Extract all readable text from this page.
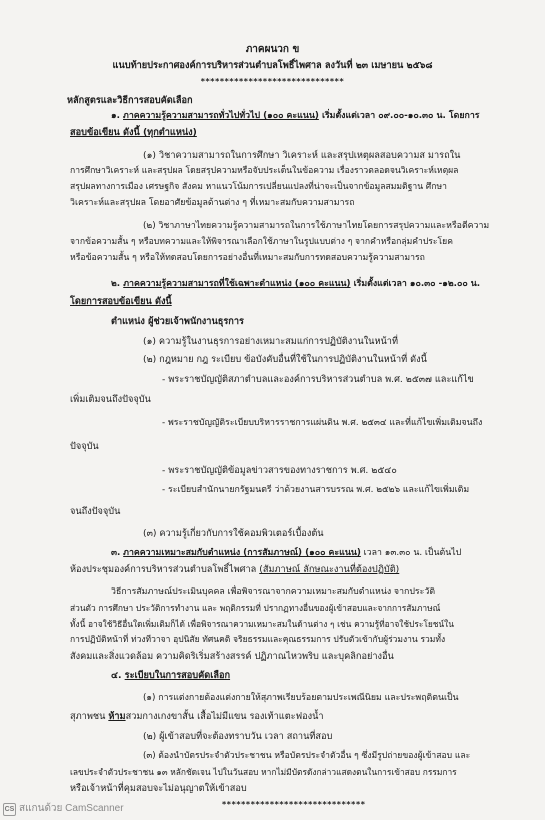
ภาคผนวก ข
แนบท้ายประกาศองค์การบริหารส่วนตำบลโพธิ์ไพศาล ลงวันที่ ๒๓ เมษายน ๒๕๖๘
******************************
หลักสูตรและวิธีการสอบคัดเลือก
๑. ภาคความรู้ความสามารถทั่วไปทั่วไป (๑๐๐ คะแนน) เริ่มตั้งแต่เวลา ๐๙.๐๐-๑๐.๓๐ น. โดยการ
สอบข้อเขียน ดังนี้ (ทุกตำแหน่ง)
(๑) วิชาความสามารถในการศึกษา วิเคราะห์ และสรุปเหตุผลสอบความส มารถใน
การศึกษาวิเคราะห์ และสรุปผล โดยสรุปความหรือจับประเด็นในข้อความ เรื่องราวตลอดจนวิเคราะห์เหตุผล
สรุปผลทางการเมือง เศรษฐกิจ สังคม หาแนวโน้มการเปลี่ยนแปลงที่น่าจะเป็นจากข้อมูลสมมติฐาน ศึกษา
วิเคราะห์และสรุปผล โดยอาศัยข้อมูลด้านต่าง ๆ ที่เหมาะสมกับความสามารถ
(๒) วิชาภาษาไทยความรู้ความสามารถในการใช้ภาษาไทยโดยการสรุปความและหรือตีความ
จากข้อความสั้น ๆ หรือบทความและให้พิจารณาเลือกใช้ภาษาในรูปแบบต่าง ๆ จากคำหรือกลุ่มคำประโยค
หรือข้อความสั้น ๆ หรือให้ทดสอบโดยการอย่างอื่นที่เหมาะสมกับการทดสอบความรู้ความสามารถ
๒. ภาคความรู้ความสามารถที่ใช้เฉพาะตำแหน่ง (๑๐๐ คะแนน) เริ่มตั้งแต่เวลา ๑๐.๓๐ -๑๒.๐๐ น.
โดยการสอบข้อเขียน ดังนี้
ตำแหน่ง ผู้ช่วยเจ้าพนักงานธุรการ
(๑) ความรู้ในงานธุรการอย่างเหมาะสมแก่การปฏิบัติงานในหน้าที่
(๒) กฎหมาย กฎ ระเบียบ ข้อบังคับอื่นที่ใช้ในการปฏิบัติงานในหน้าที่ ดังนี้
- พระราชบัญญัติสภาตำบลและองค์การบริหารส่วนตำบล พ.ศ. ๒๕๓๗ และแก้ไข
เพิ่มเติมจนถึงปัจจุบัน
- พระราชบัญญัติระเบียบบริหารราชการแผ่นดิน พ.ศ. ๒๕๓๔ และที่แก้ไขเพิ่มเติมจนถึง
ปัจจุบัน
- พระราชบัญญัติข้อมูลข่าวสารของทางราชการ พ.ศ. ๒๕๔๐
- ระเบียบสำนักนายกรัฐมนตรี ว่าด้วยงานสารบรรณ พ.ศ. ๒๕๒๖ และแก้ไขเพิ่มเติม
จนถึงปัจจุบัน
(๓) ความรู้เกี่ยวกับการใช้คอมพิวเตอร์เบื้องต้น
๓. ภาคความเหมาะสมกับตำแหน่ง (การสัมภาษณ์) (๑๐๐ คะแนน) เวลา ๑๓.๓๐ น. เป็นต้นไป
ห้องประชุมองค์การบริหารส่วนตำบลโพธิ์ไพศาล (สัมภาษณ์ ลักษณะงานที่ต้องปฏิบัติ)
วิธีการสัมภาษณ์ประเมินบุคคล เพื่อพิจารณาจากความเหมาะสมกับตำแหน่ง จากประวัติ
ส่วนตัว การศึกษา ประวัติการทำงาน และ พฤติกรรมที่ ปรากฏทางอื่นของผู้เข้าสอบและจากการสัมภาษณ์
ทั้งนี้ อาจใช้วิธีอื่นใดเพิ่มเติมก็ได้ เพื่อพิจารณาความเหมาะสมในด้านต่าง ๆ เช่น ความรู้ที่อาจใช้ประโยชน์ใน
การปฏิบัติหน้าที่ ท่วงทีวาจา อุปนิสัย ทัศนคติ จริยธรรมและคุณธรรมการ ปรับตัวเข้ากับผู้ร่วมงาน รวมทั้ง
สังคมและสิ่งแวดล้อม ความคิดริเริ่มสร้างสรรค์ ปฏิภาณไหวพริบ และบุคลิกอย่างอื่น
๔. ระเบียบในการสอบคัดเลือก
(๑) การแต่งกายต้องแต่งกายให้สุภาพเรียบร้อยตามประเพณีนิยม และประพฤติตนเป็น
สุภาพชน ห้ามสวมกางเกงขาสั้น เสื้อไม่มีแขน รองเท้าแตะฟองน้ำ
(๒) ผู้เข้าสอบที่จะต้องทราบวัน เวลา สถานที่สอบ
(๓) ต้องนำบัตรประจำตัวประชาชน หรือบัตรประจำตัวอื่น ๆ ซึ่งมีรูปถ่ายของผู้เข้าสอบ และ
เลขประจำตัวประชาชน ๑๓ หลักชัดเจน ไปในวันสอบ หากไม่มีบัตรดังกล่าวแสดงตนในการเข้าสอบ กรรมการ
หรือเจ้าหน้าที่คุมสอบจะไม่อนุญาตให้เข้าสอบ
******************************
CS สแกนด้วย CamScanner
